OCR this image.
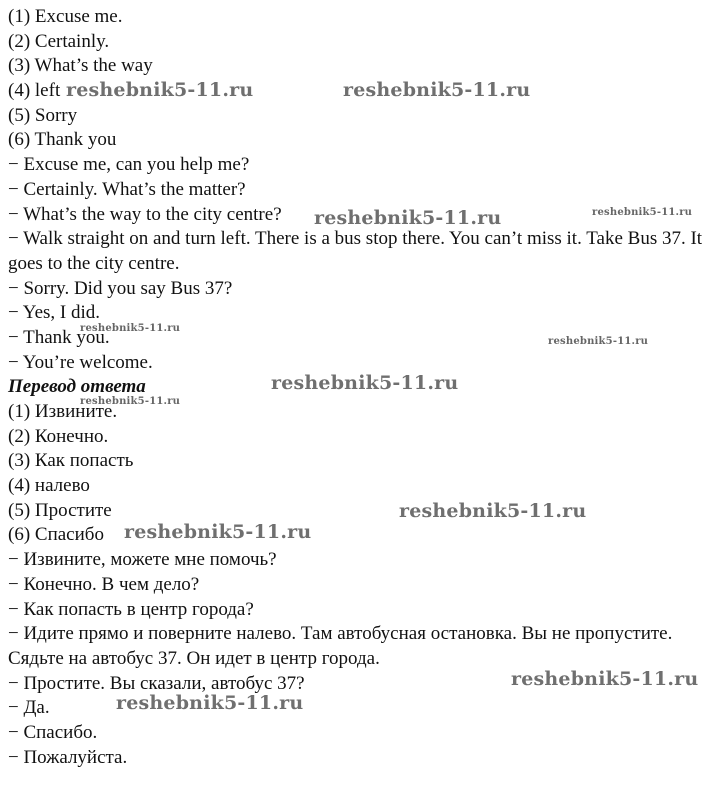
(1) Excuse me.

(2) Certainly.

(3) What’s the way

(4) left

(5) Sorry

(6) Thank you

− Excuse me, can you help me?

− Certainly. What’s the matter?

− What’s the way to the city centre?

− Walk straight on and turn left. There is a bus stop there. You can’t miss it. Take Bus 37. It goes to the city centre.

− Sorry. Did you say Bus 37?

− Yes, I did.

− Thank you.

− You’re welcome.

Перевод ответа

(1) Извините.

(2) Конечно.

(3) Как попасть

(4) налево

(5) Простите

(6) Спасибо

− Извините, можете мне помочь?

− Конечно. В чем дело?

− Как попасть в центр города?

− Идите прямо и поверните налево. Там автобусная остановка. Вы не пропустите. Сядьте на автобус 37. Он идет в центр города.

− Простите. Вы сказали, автобус 37?

− Да.

− Спасибо.

− Пожалуйста.

reshebnik5-11.ru	reshebnik5-11.ru
reshebnik5-11.ru	reshebnik5-11.ru
reshebnik5-11.ru
reshebnik5-11.ru
reshebnik5-11.ru
reshebnik5-11.ru
reshebnik5-11.ru
reshebnik5-11.ru
reshebnik5-11.ru
reshebnik5-11.ru
